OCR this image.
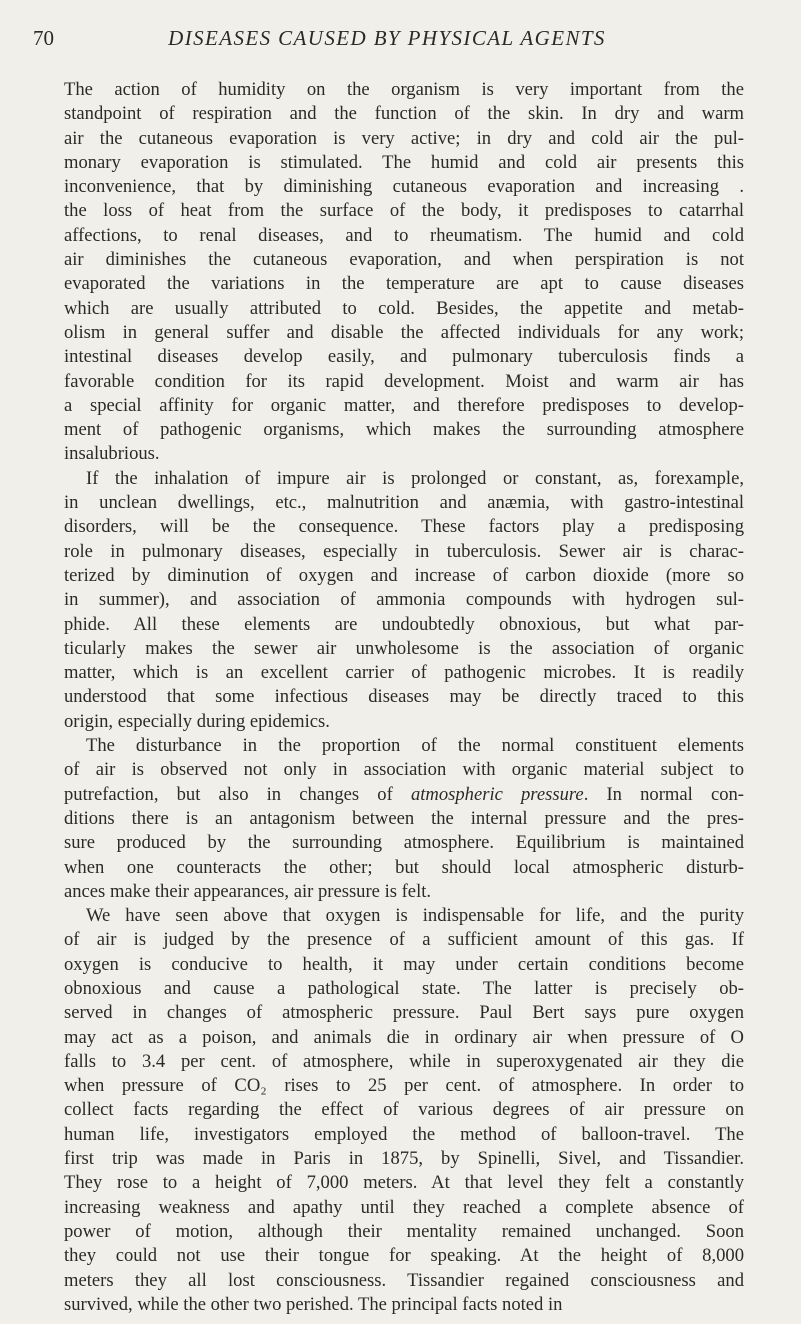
70	DISEASES CAUSED BY PHYSICAL AGENTS
The action of humidity on the organism is very important from the
standpoint of respiration and the function of the skin. In dry and warm
air the cutaneous evaporation is very active; in dry and cold air the pul-
monary evaporation is stimulated. The humid and cold air presents this
inconvenience, that by diminishing cutaneous evaporation and increasing .
the loss of heat from the surface of the body, it predisposes to catarrhal
affections, to renal diseases, and to rheumatism. The humid and cold
air diminishes the cutaneous evaporation, and when perspiration is not
evaporated the variations in the temperature are apt to cause diseases
which are usually attributed to cold. Besides, the appetite and metab-
olism in general suffer and disable the affected individuals for any work;
intestinal diseases develop easily, and pulmonary tuberculosis finds a
favorable condition for its rapid development. Moist and warm air has
a special affinity for organic matter, and therefore predisposes to develop-
ment of pathogenic organisms, which makes the surrounding atmosphere
insalubrious.
If the inhalation of impure air is prolonged or constant, as, forexample,
in unclean dwellings, etc., malnutrition and anæmia, with gastro-intestinal
disorders, will be the consequence. These factors play a predisposing
role in pulmonary diseases, especially in tuberculosis. Sewer air is charac-
terized by diminution of oxygen and increase of carbon dioxide (more so
in summer), and association of ammonia compounds with hydrogen sul-
phide. All these elements are undoubtedly obnoxious, but what par-
ticularly makes the sewer air unwholesome is the association of organic
matter, which is an excellent carrier of pathogenic microbes. It is readily
understood that some infectious diseases may be directly traced to this
origin, especially during epidemics.
The disturbance in the proportion of the normal constituent elements
of air is observed not only in association with organic material subject to
putrefaction, but also in changes of atmospheric pressure. In normal con-
ditions there is an antagonism between the internal pressure and the pres-
sure produced by the surrounding atmosphere. Equilibrium is maintained
when one counteracts the other; but should local atmospheric disturb-
ances make their appearances, air pressure is felt.
We have seen above that oxygen is indispensable for life, and the purity
of air is judged by the presence of a sufficient amount of this gas. If
oxygen is conducive to health, it may under certain conditions become
obnoxious and cause a pathological state. The latter is precisely ob-
served in changes of atmospheric pressure. Paul Bert says pure oxygen
may act as a poison, and animals die in ordinary air when pressure of O
falls to 3.4 per cent. of atmosphere, while in superoxygenated air they die
when pressure of CO₂ rises to 25 per cent. of atmosphere. In order to
collect facts regarding the effect of various degrees of air pressure on
human life, investigators employed the method of balloon-travel. The
first trip was made in Paris in 1875, by Spinelli, Sivel, and Tissandier.
They rose to a height of 7,000 meters. At that level they felt a constantly
increasing weakness and apathy until they reached a complete absence of
power of motion, although their mentality remained unchanged. Soon
they could not use their tongue for speaking. At the height of 8,000
meters they all lost consciousness. Tissandier regained consciousness and
survived, while the other two perished. The principal facts noted in
